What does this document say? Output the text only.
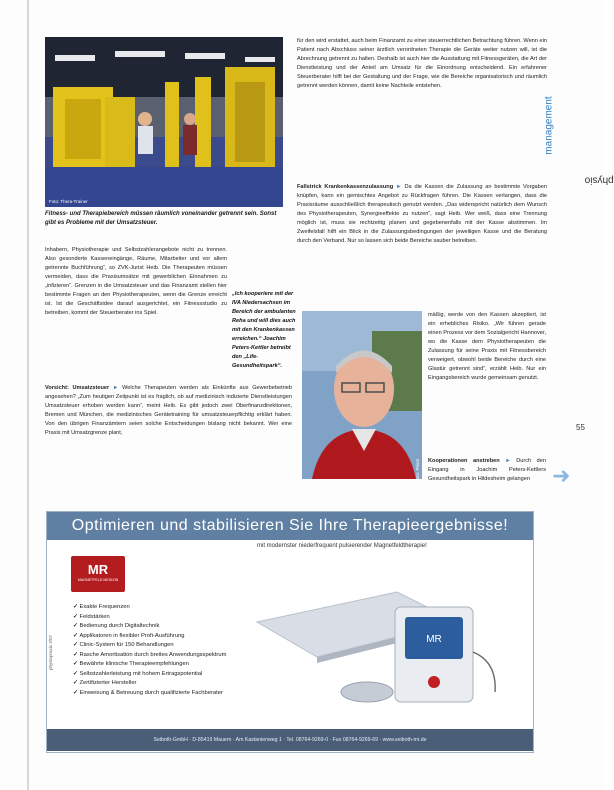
Foto: Thera-Trainer
Fitness- und Therapiebereich müssen räumlich voneinander getrennt sein. Sonst gibt es Probleme mit der Umsatzsteuer.
für den wird erstattet, auch beim Finanzamt zu einer steuerrechtlichen Betrachtung führen. Wenn ein Patient nach Abschluss seiner ärztlich verordneten Therapie die Geräte weiter nutzen will, ist die Abrechnung getrennt zu halten. Deshalb ist auch hier die Ausstattung mit Fitnessgeräten, die Art der Dienstleistung und der Anteil am Umsatz für die Einordnung entscheidend. Ein erfahrener Steuerberater hilft bei der Gestaltung und der Frage, wie die Bereiche organisatorisch und räumlich getrennt werden können, damit keine Nachteile entstehen.
Fallstrick Krankenkassenzulassung ► Da die Kassen die Zulassung an bestimmte Vorgaben knüpfen, kann ein gemischtes Angebot zu Rückfragen führen. Die Kassen verlangen, dass die Praxisräume ausschließlich therapeutisch genutzt werden. „Das widerspricht natürlich dem Wunsch des Physiotherapeuten, Synergieeffekte zu nutzen“, sagt Heib. Wer weiß, dass eine Trennung möglich ist, muss sie rechtzeitig planen und gegebenenfalls mit der Kasse abstimmen. Im Zweifelsfall hilft ein Blick in die Zulassungsbedingungen der jeweiligen Kasse und die Beratung durch den Verband. Nur so lassen sich beide Bereiche sauber betreiben.
physio
management
Inhabern, Physiotherapie und Selbstzahlerangebote nicht zu trennen. Also gesonderte Kasseneingänge, Räume, Mitarbeiter und vor allem getrennte Buchführung“, so ZVK-Jurist Heib. Die Therapeuten müssen vermeiden, dass die Praxisumsätze mit gewerblichen Einnahmen zu „infizieren“. Grenzen in die Umsatzsteuer und das Finanzamt stellen hier bestimmte Fragen an den Physiotherapeuten, wenn die Grenze erreicht ist. Ist die Geschäftsidee darauf ausgerichtet, ein Fitnessstudio zu betreiben, kommt der Steuerberater ins Spiel.
„Ich kooperiere mit der IVA Niedersachsen im Bereich der ambulanten Reha und will dies auch mit den Krankenkassen erreichen.“ Joachim Peters-Kettler betreibt den „Life-Gesundheitspark“.
Vorsicht: Umsatzsteuer ► Welche Therapeuten werden als Einkünfte aus Gewerbebetrieb angesehen? „Zum heutigen Zeitpunkt ist es fraglich, ob auf medizinisch indizierte Dienstleistungen Umsatzsteuer erhoben werden kann“, meint Heib. Es gibt jedoch zwei Oberfinanzdirektionen, Bremen und München, die medizinisches Gerätetraining für umsatzsteuerpflichtig erklärt haben. Von den übrigen Finanzämtern seien solche Entscheidungen bislang nicht bekannt. Wer eine Praxis mit Umsatzgrenze plant,
Foto: Privat
mäßig, werde von den Kassen akzeptiert, ist ein erhebliches Risiko. „Wir führen gerade einen Prozess vor dem Sozialgericht Hannover, wo die Kasse dem Physiotherapeuten die Zulassung für seine Praxis mit Fitnessbereich verweigert, obwohl beide Bereiche durch eine Glastür getrennt sind“, erzählt Heib. Nur ein Eingangsbereich wurde gemeinsam genutzt.
Kooperationen anstreben ► Durch den Eingang in Joachim Peters-Kettlers Gesundheitspark in Hildesheim gelangen
55
➜
Optimieren und stabilisieren Sie Ihre Therapieergebnisse!
mit modernster niederfrequent pulsierender Magnetfeldtherapie!
MR
MAGNETFELD MEDIZIN
MR
✓ Exakte Frequenzen
✓ Feldstärken
✓ Bedienung durch Digitaltechnik
✓ Applikatoren in flexibler Profi-Ausführung
✓ Clinic-System für 150 Behandlungen
✓ Rasche Amortisation durch breites Anwendungsspektrum
✓ Bewährte klinische Therapieempfehlungen
✓ Selbstzahlerleistung mit hohem Ertragspotential
✓ Zertifizierter Hersteller
✓ Einweisung & Betreuung durch qualifizierte Fachberater
Seiboth-GmbH · D-85419 Mauern · Am Kastanienweg 1 · Tel. 08764-9269-0 · Fax 08764-9269-69 · www.seiboth-mr.de
physiopraxis 3/07
